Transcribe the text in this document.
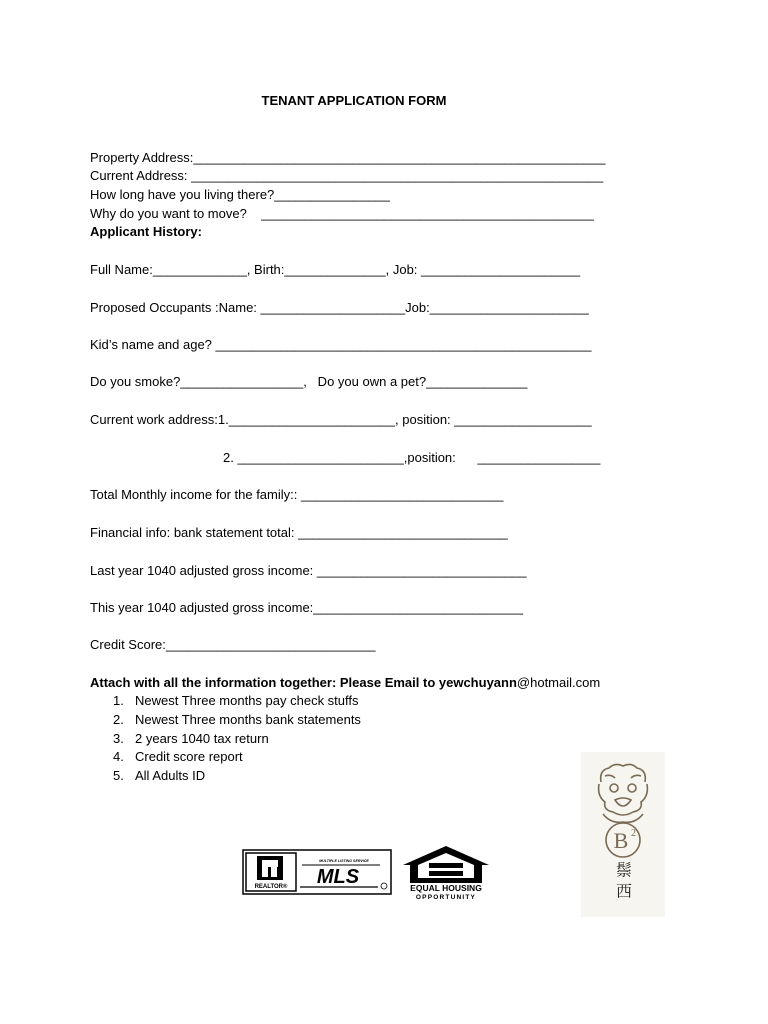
TENANT APPLICATION FORM
Property Address:_________________________________________________________
Current Address: _________________________________________________________
How long have you living there?________________
Why do you want to move?    ______________________________________________
Applicant History:
Full Name:_____________, Birth:______________, Job: ______________________
Proposed Occupants :Name: ____________________Job:______________________
Kid’s name and age? ____________________________________________________
Do you smoke?_________________,   Do you own a pet?______________
Current work address:1._______________________, position: ___________________
2. _______________________,position:      _________________
Total Monthly income for the family:: ____________________________
Financial info: bank statement total: _____________________________
Last year 1040 adjusted gross income: _____________________________
This year 1040 adjusted gross income:_____________________________
Credit Score:_____________________________
Attach with all the information together: Please Email to yewchuyann@hotmail.com
1. Newest Three months pay check stuffs
2. Newest Three months bank statements
3. 2 years 1040 tax return
4. Credit score report
5. All Adults ID
REALTOR®
MULTIPLE LISTING SERVICE
MLS	EQUAL HOUSING
OPPORTUNITY
B 2
鬃 西
